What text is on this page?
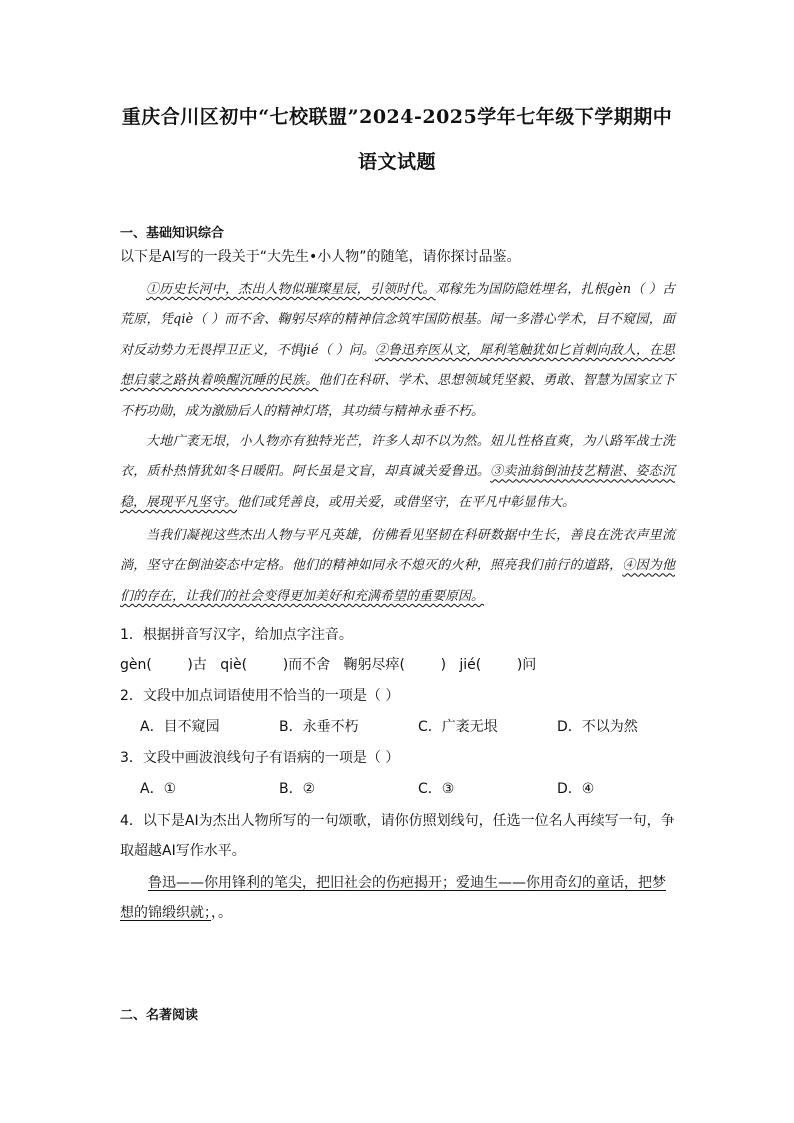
重庆合川区初中“七校联盟”2024-2025学年七年级下学期期中
语文试题
一、基础知识综合
以下是AI写的一段关于“大先生•小人物”的随笔，请你探讨品鉴。
①历史长河中，杰出人物似璀璨星辰，引领时代。邓稼先为国防隐姓埋名，扎根gèn（ ）古荒原，凭qiè（ ）而不舍、鞠躬尽瘁的精神信念筑牢国防根基。闻一多潜心学术，目不窥园，面对反动势力无畏捍卫正义，不惧jié（ ）问。②鲁迅弃医从文，犀利笔触犹如匕首刺向敌人，在思想启蒙之路执着唤醒沉睡的民族。他们在科研、学术、思想领域凭坚毅、勇敢、智慧为国家立下不朽功勋，成为激励后人的精神灯塔，其功绩与精神永垂不朽。
大地广袤无垠，小人物亦有独特光芒，许多人却不以为然。妞儿性格直爽，为八路军战士洗衣，质朴热情犹如冬日暖阳。阿长虽是文盲，却真诚关爱鲁迅。③卖油翁倒油技艺精湛、姿态沉稳，展现平凡坚守。他们或凭善良，或用关爱，或借坚守，在平凡中彰显伟大。
当我们凝视这些杰出人物与平凡英雄，仿佛看见坚韧在科研数据中生长，善良在洗衣声里流淌，坚守在倒油姿态中定格。他们的精神如同永不熄灭的火种，照亮我们前行的道路，④因为他们的存在，让我们的社会变得更加美好和充满希望的重要原因。
1．根据拼音写汉字，给加点字注音。
gèn(        )古   qiè(        )而不舍   鞠躬尽瘁(        )   jié(        )问
2．文段中加点词语使用不恰当的一项是（ ）
A．目不窥园	B．永垂不朽	C．广袤无垠	D．不以为然
3．文段中画波浪线句子有语病的一项是（ ）
A．①	B．②	C．③	D．④
4．以下是AI为杰出人物所写的一句颂歌，请你仿照划线句，任选一位名人再续写一句，争取超越AI写作水平。
鲁迅——你用锋利的笔尖，把旧社会的伤疤揭开；爱迪生——你用奇幻的童话，把梦想的锦缎织就；，。
二、名著阅读
